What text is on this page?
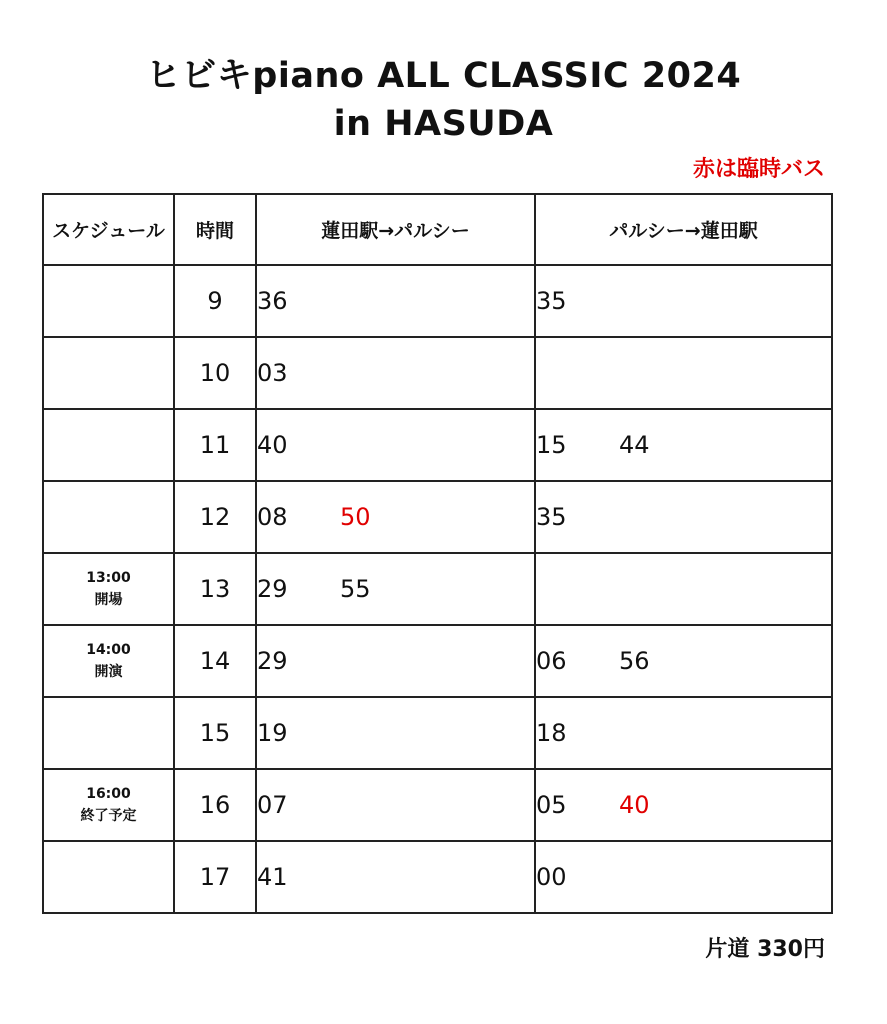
ヒビキpiano ALL CLASSIC 2024
in HASUDA
赤は臨時バス
スケジュール	時間	蓮田駅→パルシー	パルシー→蓮田駅

	9	36	35

	10	03	

	11	40	15 44

	12	08 50	35

13:00
開場	13	29 55	

14:00
開演	14	29	06 56

	15	19	18

16:00
終了予定	16	07	05 40

	17	41	00
片道 330円
